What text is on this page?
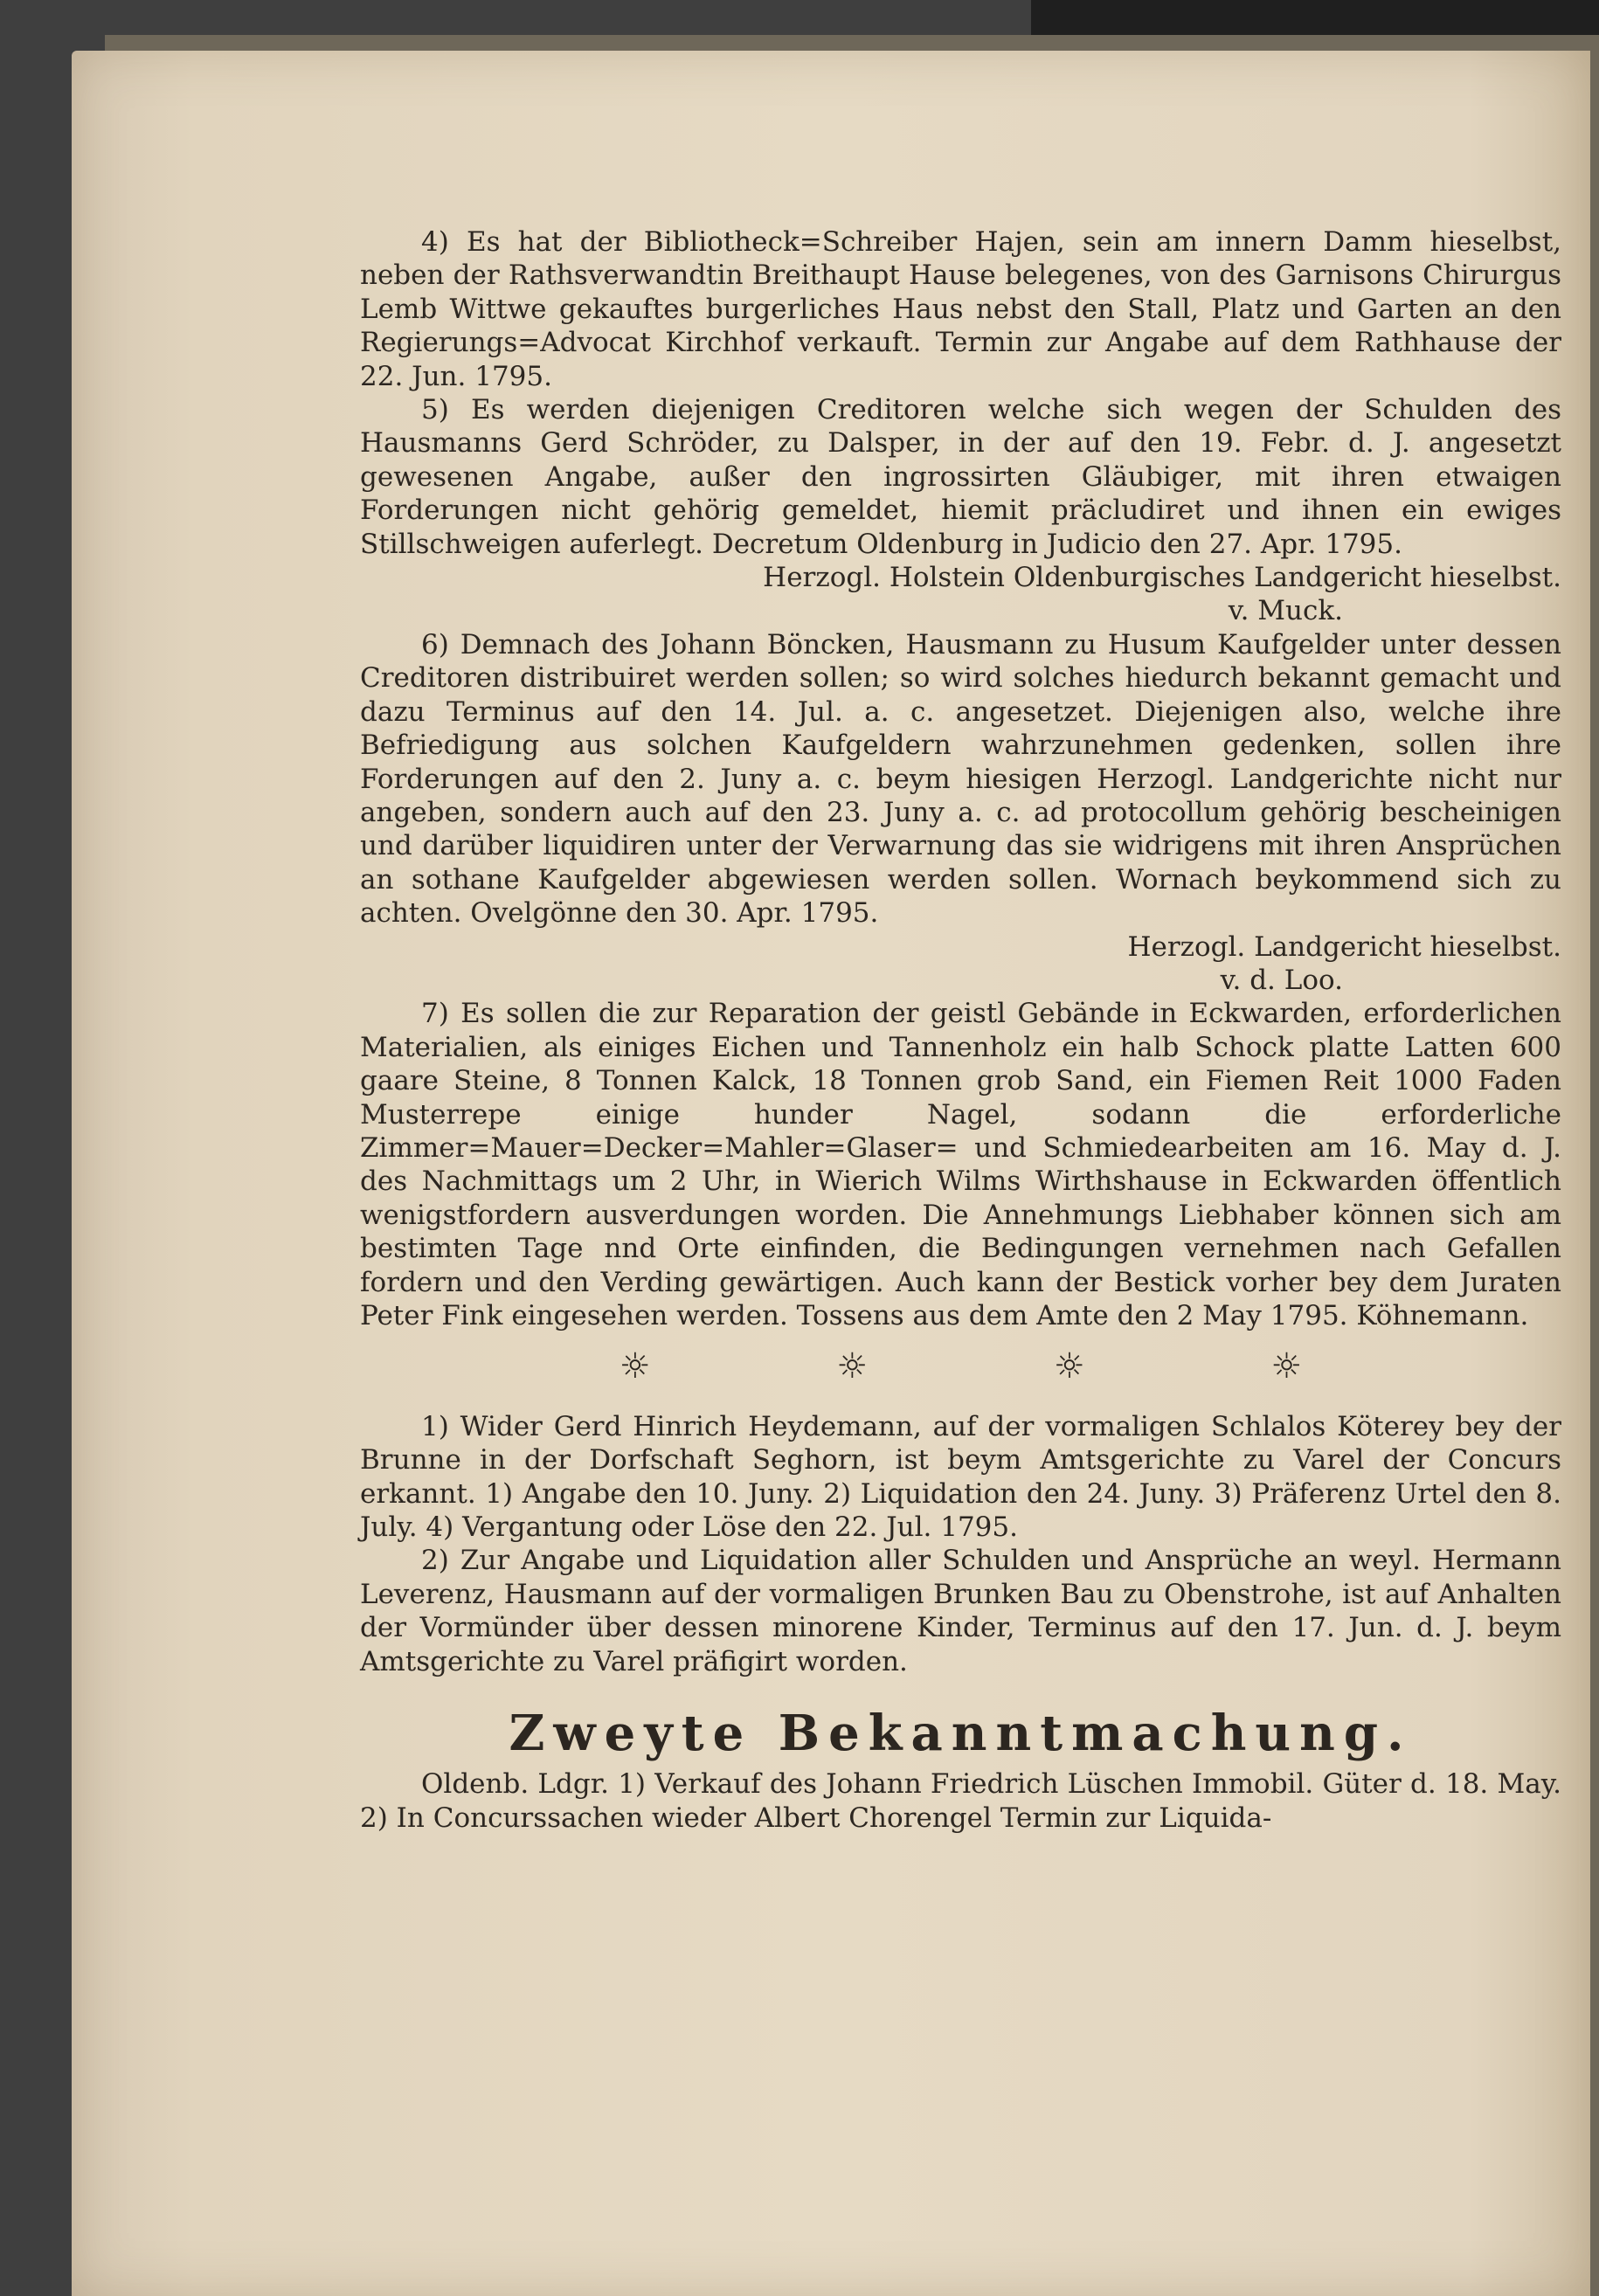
4) Es hat der Bibliotheck=Schreiber Hajen, sein am innern Damm hieselbst, neben der Rathsverwandtin Breithaupt Hause belegenes, von des Garnisons Chirurgus Lemb Wittwe gekauftes burgerliches Haus nebst den Stall, Platz und Garten an den Regierungs=Advocat Kirchhof verkauft. Termin zur Angabe auf dem Rathhause der 22. Jun. 1795.

5) Es werden diejenigen Creditoren welche sich wegen der Schulden des Hausmanns Gerd Schröder, zu Dalsper, in der auf den 19. Febr. d. J. angesetzt gewesenen Angabe, außer den ingrossirten Gläubiger, mit ihren etwaigen Forderungen nicht gehörig gemeldet, hiemit präcludiret und ihnen ein ewiges Stillschweigen auferlegt. Decretum Oldenburg in Judicio den 27. Apr. 1795.

Herzogl. Holstein Oldenburgisches Landgericht hieselbst.

v. Muck.

6) Demnach des Johann Böncken, Hausmann zu Husum Kaufgelder unter dessen Creditoren distribuiret werden sollen; so wird solches hiedurch bekannt gemacht und dazu Terminus auf den 14. Jul. a. c. angesetzet. Diejenigen also, welche ihre Befriedigung aus solchen Kaufgeldern wahrzunehmen gedenken, sollen ihre Forderungen auf den 2. Juny a. c. beym hiesigen Herzogl. Landgerichte nicht nur angeben, sondern auch auf den 23. Juny a. c. ad protocollum gehörig bescheinigen und darüber liquidiren unter der Verwarnung das sie widrigens mit ihren Ansprüchen an sothane Kaufgelder abgewiesen werden sollen. Wornach beykommend sich zu achten. Ovelgönne den 30. Apr. 1795.

Herzogl. Landgericht hieselbst.

v. d. Loo.

7) Es sollen die zur Reparation der geistl Gebände in Eckwarden, erforderlichen Materialien, als einiges Eichen und Tannenholz ein halb Schock platte Latten 600 gaare Steine, 8 Tonnen Kalck, 18 Tonnen grob Sand, ein Fiemen Reit 1000 Faden Musterrepe einige hunder Nagel, sodann die erforderliche Zimmer=Mauer=Decker=Mahler=Glaser= und Schmiedearbeiten am 16. May d. J. des Nachmittags um 2 Uhr, in Wierich Wilms Wirthshause in Eckwarden öffentlich wenigstfordern ausverdungen worden. Die Annehmungs Liebhaber können sich am bestimten Tage nnd Orte einfinden, die Bedingungen vernehmen nach Gefallen fordern und den Verding gewärtigen. Auch kann der Bestick vorher bey dem Juraten Peter Fink eingesehen werden. Tossens aus dem Amte den 2 May 1795. Köhnemann.

☼ ☼ ☼ ☼

1) Wider Gerd Hinrich Heydemann, auf der vormaligen Schlalos Köterey bey der Brunne in der Dorfschaft Seghorn, ist beym Amtsgerichte zu Varel der Concurs erkannt. 1) Angabe den 10. Juny. 2) Liquidation den 24. Juny. 3) Präferenz Urtel den 8. July. 4) Vergantung oder Löse den 22. Jul. 1795.

2) Zur Angabe und Liquidation aller Schulden und Ansprüche an weyl. Hermann Leverenz, Hausmann auf der vormaligen Brunken Bau zu Obenstrohe, ist auf Anhalten der Vormünder über dessen minorene Kinder, Terminus auf den 17. Jun. d. J. beym Amtsgerichte zu Varel präfigirt worden.

Zweyte Bekanntmachung.

Oldenb. Ldgr. 1) Verkauf des Johann Friedrich Lüschen Immobil. Güter d. 18. May. 2) In Concurssachen wieder Albert Chorengel Termin zur Liquida-
